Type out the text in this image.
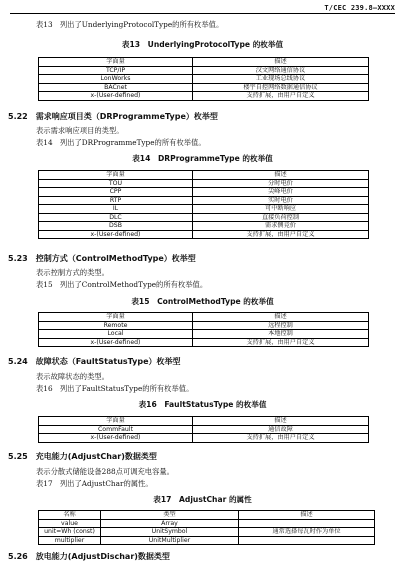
T/CEC 239.8—XXXX
表13　列出了UnderlyingProtocolType的所有枚举值。
表13　UnderlyingProtocolType 的枚举值
字面量	描述
TCP/IP	汉文网络通信协议
LonWorks	工业现场总线协议
BACnet	楼宇自控网络数据通信协议
x-(User-defined)	支持扩展，由用户自定义
5.22　需求响应项目类（DRProgrammeType）枚举型
表示需求响应项目的类型。
表14　列出了DRProgrammeType的所有枚举值。
表14　DRProgrammeType 的枚举值
字面量	描述
TOU	分时电价
CPP	尖峰电价
RTP	实时电价
IL	可中断响应
DLC	直接负荷控制
DSB	需求侧竞价
x-(User-defined)	支持扩展，由用户自定义
5.23　控制方式（ControlMethodType）枚举型
表示控制方式的类型。
表15　列出了ControlMethodType的所有枚举值。
表15　ControlMethodType 的枚举值
字面量	描述
Remote	远程控制
Local	本地控制
x-(User-defined)	支持扩展，由用户自定义
5.24　故障状态（FaultStatusType）枚举型
表示故障状态的类型。
表16　列出了FaultStatusType的所有枚举值。
表16　FaultStatusType 的枚举值
字面量	描述
CommFault	通信故障
x-(User-defined)	支持扩展，由用户自定义
5.25　充电能力(AdjustChar)数据类型
表示分散式储能设备288点可调充电容量。
表17　列出了AdjustChar的属性。
表17　AdjustChar 的属性
名称	类型	描述
value	Array	
unit=Wh (const)	UnitSymbol	通常选择每瓦时作为单位
multiplier	UnitMultiplier	
5.26　放电能力(AdjustDischar)数据类型
